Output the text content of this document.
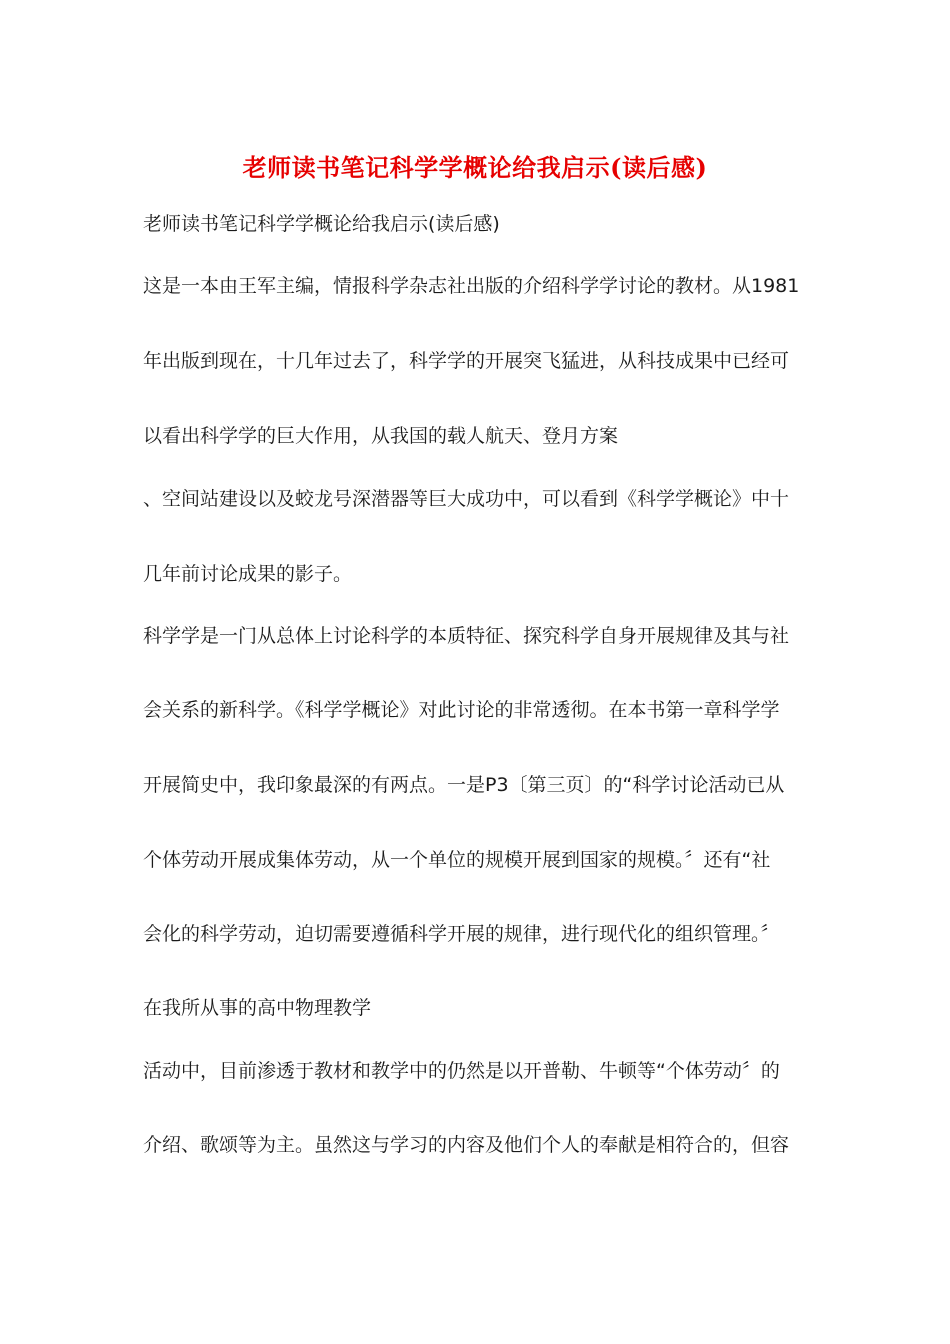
老师读书笔记科学学概论给我启示(读后感)
老师读书笔记科学学概论给我启示(读后感)
这是一本由王军主编，情报科学杂志社出版的介绍科学学讨论的教材。从1981
年出版到现在，十几年过去了，科学学的开展突飞猛进，从科技成果中已经可
以看出科学学的巨大作用，从我国的载人航天、登月方案
、空间站建设以及蛟龙号深潜器等巨大成功中，可以看到《科学学概论》中十
几年前讨论成果的影子。
科学学是一门从总体上讨论科学的本质特征、探究科学自身开展规律及其与社
会关系的新科学。《科学学概论》对此讨论的非常透彻。在本书第一章科学学
开展简史中，我印象最深的有两点。一是P3〔第三页〕的“科学讨论活动已从
个体劳动开展成集体劳动，从一个单位的规模开展到国家的规模。〞还有“社
会化的科学劳动，迫切需要遵循科学开展的规律，进行现代化的组织管理。〞
在我所从事的高中物理教学
活动中，目前渗透于教材和教学中的仍然是以开普勒、牛顿等“个体劳动〞的
介绍、歌颂等为主。虽然这与学习的内容及他们个人的奉献是相符合的，但容
